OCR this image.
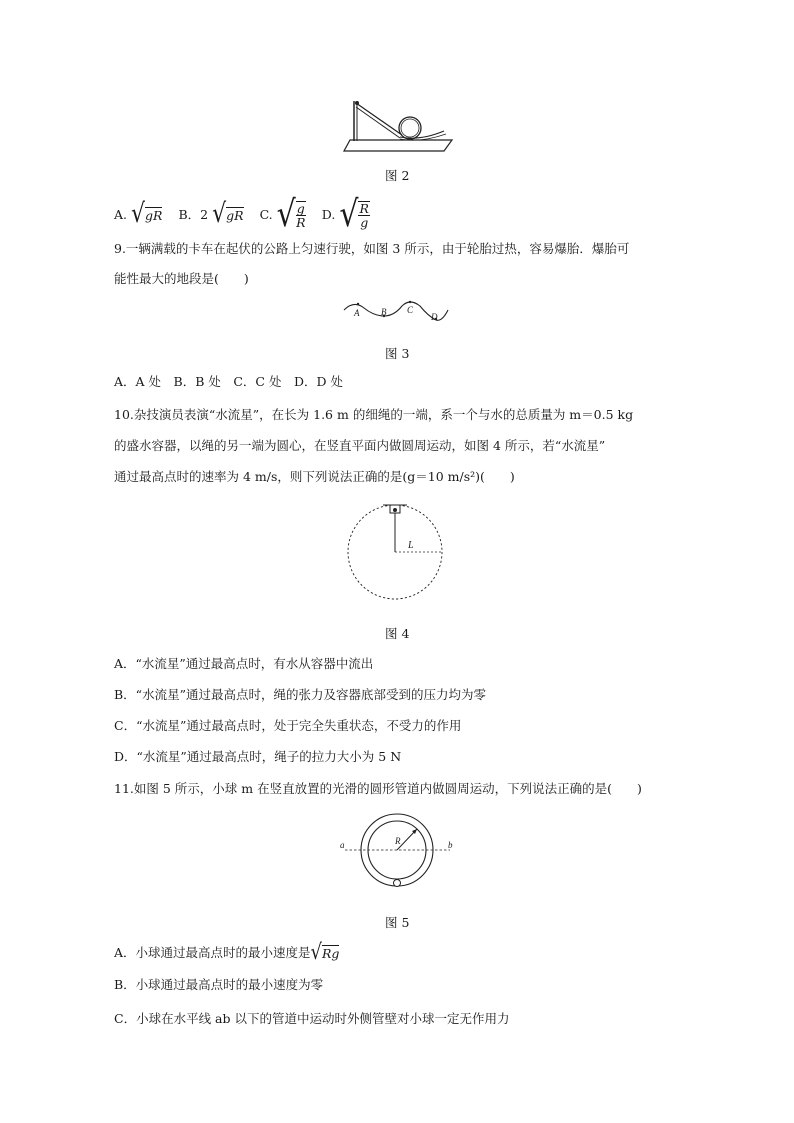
图 2
A. √ gR B．2 √ gR C. √ $\frac{g}{R} D$. √ $\frac{R}{g}$
9.一辆满载的卡车在起伏的公路上匀速行驶，如图 3 所示，由于轮胎过热，容易爆胎．爆胎可
能性最大的地段是(　　)
A B C
D
图 3
A．A 处　B．B 处　C．C 处　D．D 处
10.杂技演员表演“水流星”，在长为 1.6 m 的细绳的一端，系一个与水的总质量为 m＝0.5 kg
的盛水容器，以绳的另一端为圆心，在竖直平面内做圆周运动，如图 4 所示，若“水流星”
通过最高点时的速率为 4 m/s，则下列说法正确的是(g＝10 m/s²)(　　)
L
图 4
A．“水流星”通过最高点时，有水从容器中流出
B．“水流星”通过最高点时，绳的张力及容器底部受到的压力均为零
C．“水流星”通过最高点时，处于完全失重状态，不受力的作用
D．“水流星”通过最高点时，绳子的拉力大小为 5 N
11.如图 5 所示，小球 m 在竖直放置的光滑的圆形管道内做圆周运动，下列说法正确的是(　　)
a	b
R
图 5
A．小球通过最高点时的最小速度是 √ Rg
B．小球通过最高点时的最小速度为零
C．小球在水平线 ab 以下的管道中运动时外侧管壁对小球一定无作用力
